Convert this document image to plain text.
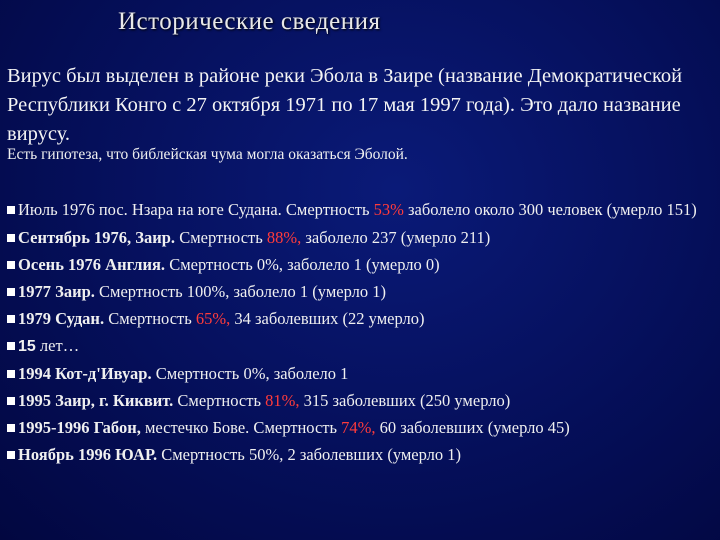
Исторические сведения
Вирус был выделен в районе реки Эбола в Заире (название Демократической Республики Конго с 27 октября 1971 по 17 мая 1997 года). Это дало название вирусу.
Есть гипотеза, что библейская чума могла оказаться Эболой.
Июль 1976 пос. Нзара на юге Судана. Смертность 53% заболело около 300 человек (умерло 151)
Сентябрь 1976, Заир. Смертность 88%, заболело 237 (умерло 211)
Осень 1976 Англия. Смертность 0%, заболело 1 (умерло 0)
1977 Заир. Смертность 100%, заболело 1 (умерло 1)
1979 Судан. Смертность 65%, 34 заболевших (22 умерло)
15 лет…
1994 Кот-д'Ивуар. Смертность 0%, заболело 1
1995 Заир, г. Киквит. Смертность 81%, 315 заболевших (250 умерло)
1995-1996 Габон, местечко Бове. Смертность 74%, 60 заболевших (умерло 45)
Ноябрь 1996 ЮАР. Смертность 50%, 2 заболевших (умерло 1)
